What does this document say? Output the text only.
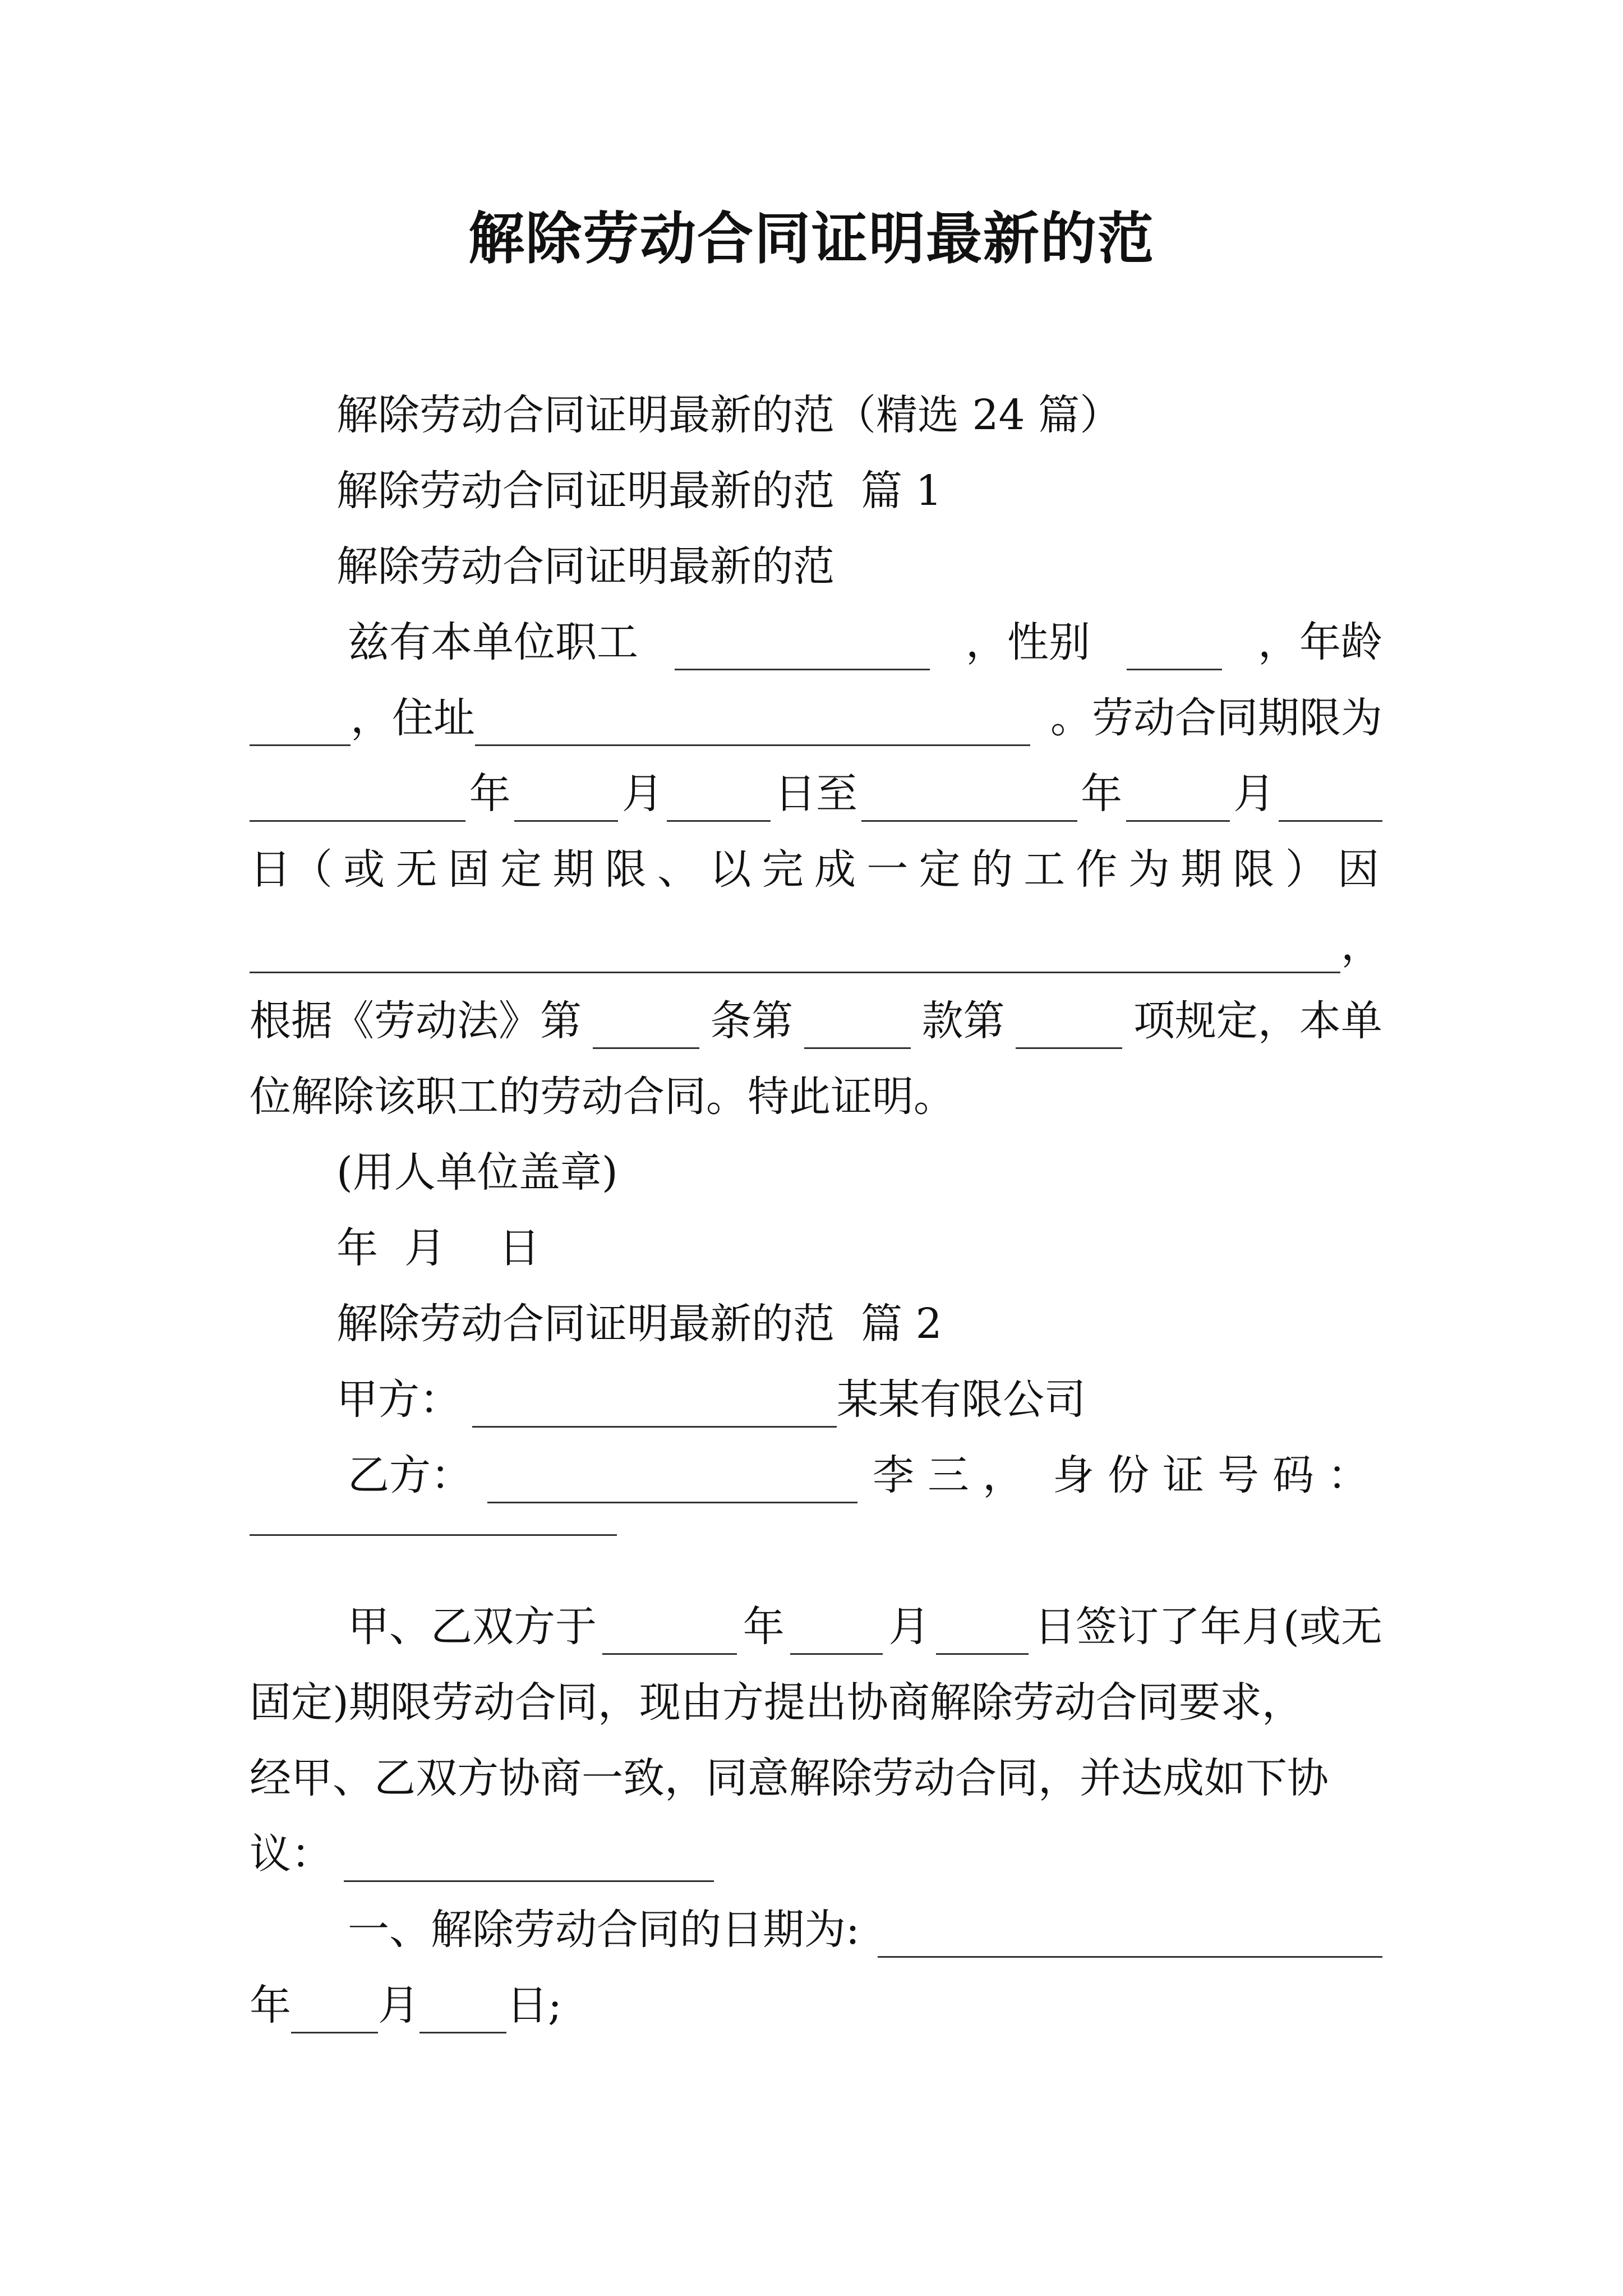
解除劳动合同证明最新的范
解除劳动合同证明最新的范（精选 24 篇）
解除劳动合同证明最新的范  篇 1
解除劳动合同证明最新的范
兹有本单位职工	，性别	，年龄
，住址	。劳动合同期限为
年	月	日至	年	月
日 （或无固定期限、以完成一定的工作为期限）因
，
根据《劳动法》第	条第	款第	项规定，本单
位解除该职工的劳动合同。特此证明。
(用人单位盖章)
年  月    日
解除劳动合同证明最新的范  篇 2
甲方：	某某有限公司
乙方：	李三， 身份证号码：
甲、乙双方于	年	月	日签订了年月(或无
固定)期限劳动合同，现由方提出协商解除劳动合同要求，
经甲、乙双方协商一致，同意解除劳动合同，并达成如下协
议：
一、解除劳动合同的日期为:
年 月 日;
